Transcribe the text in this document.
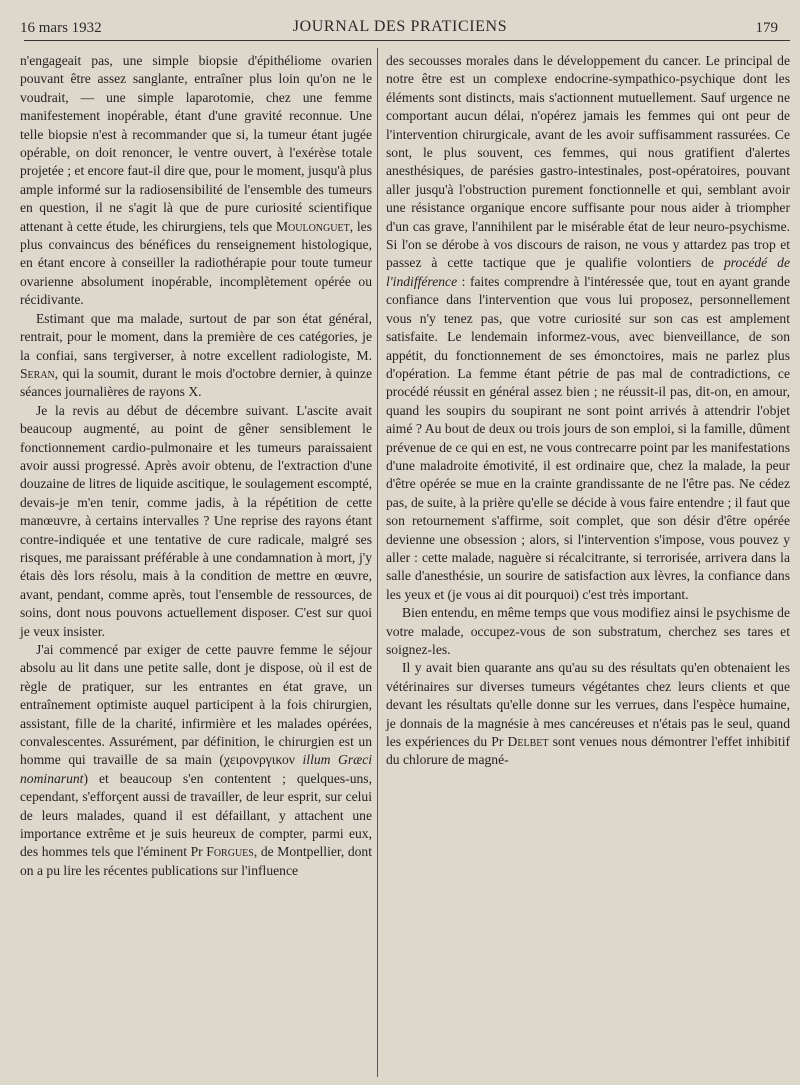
16 mars 1932	JOURNAL DES PRATICIENS	179

n'engageait pas, une simple biopsie d'épithéliome ovarien pouvant être assez sanglante, entraîner plus loin qu'on ne le voudrait, — une simple laparotomie, chez une femme manifestement inopérable, étant d'une gravité reconnue. Une telle biopsie n'est à recommander que si, la tumeur étant jugée opérable, on doit renoncer, le ventre ouvert, à l'exérèse totale projetée ; et encore faut-il dire que, pour le moment, jusqu'à plus ample informé sur la radiosensibilité de l'ensemble des tumeurs en question, il ne s'agit là que de pure curiosité scientifique attenant à cette étude, les chirurgiens, tels que Moulonguet, les plus convaincus des bénéfices du renseignement histologique, en étant encore à conseiller la radiothérapie pour toute tumeur ovarienne absolument inopérable, incomplètement opérée ou récidivante.

Estimant que ma malade, surtout de par son état général, rentrait, pour le moment, dans la première de ces catégories, je la confiai, sans tergiverser, à notre excellent radiologiste, M. Seran, qui la soumit, durant le mois d'octobre dernier, à quinze séances journalières de rayons X.

Je la revis au début de décembre suivant. L'ascite avait beaucoup augmenté, au point de gêner sensiblement le fonctionnement cardio-pulmonaire et les tumeurs paraissaient avoir aussi progressé. Après avoir obtenu, de l'extraction d'une douzaine de litres de liquide ascitique, le soulagement escompté, devais-je m'en tenir, comme jadis, à la répétition de cette manœuvre, à certains intervalles ? Une reprise des rayons étant contre-indiquée et une tentative de cure radicale, malgré ses risques, me paraissant préférable à une condamnation à mort, j'y étais dès lors résolu, mais à la condition de mettre en œuvre, avant, pendant, comme après, tout l'ensemble de ressources, de soins, dont nous pouvons actuellement disposer. C'est sur quoi je veux insister.

J'ai commencé par exiger de cette pauvre femme le séjour absolu au lit dans une petite salle, dont je dispose, où il est de règle de pratiquer, sur les entrantes en état grave, un entraînement optimiste auquel participent à la fois chirurgien, assistant, fille de la charité, infirmière et les malades opérées, convalescentes. Assurément, par définition, le chirurgien est un homme qui travaille de sa main (χειρονργικον illum Græci nominarunt) et beaucoup s'en contentent ; quelques-uns, cependant, s'efforçent aussi de travailler, de leur esprit, sur celui de leurs malades, quand il est défaillant, y attachent une importance extrême et je suis heureux de compter, parmi eux, des hommes tels que l'éminent Pr Forgues, de Montpellier, dont on a pu lire les récentes publications sur l'influence

des secousses morales dans le développement du cancer. Le principal de notre être est un complexe endocrine-sympathico-psychique dont les éléments sont distincts, mais s'actionnent mutuellement. Sauf urgence ne comportant aucun délai, n'opérez jamais les femmes qui ont peur de l'intervention chirurgicale, avant de les avoir suffisamment rassurées. Ce sont, le plus souvent, ces femmes, qui nous gratifient d'alertes anesthésiques, de parésies gastro-intestinales, post-opératoires, pouvant aller jusqu'à l'obstruction purement fonctionnelle et qui, semblant avoir une résistance organique encore suffisante pour nous aider à triompher d'un cas grave, l'annihilent par le misérable état de leur neuro-psychisme. Si l'on se dérobe à vos discours de raison, ne vous y attardez pas trop et passez à cette tactique que je qualifie volontiers de procédé de l'indifférence : faites comprendre à l'intéressée que, tout en ayant grande confiance dans l'intervention que vous lui proposez, personnellement vous n'y tenez pas, que votre curiosité sur son cas est amplement satisfaite. Le lendemain informez-vous, avec bienveillance, de son appétit, du fonctionnement de ses émonctoires, mais ne parlez plus d'opération. La femme étant pétrie de pas mal de contradictions, ce procédé réussit en général assez bien ; ne réussit-il pas, dit-on, en amour, quand les soupirs du soupirant ne sont point arrivés à attendrir l'objet aimé ? Au bout de deux ou trois jours de son emploi, si la famille, dûment prévenue de ce qui en est, ne vous contrecarre point par les manifestations d'une maladroite émotivité, il est ordinaire que, chez la malade, la peur d'être opérée se mue en la crainte grandissante de ne l'être pas. Ne cédez pas, de suite, à la prière qu'elle se décide à vous faire entendre ; il faut que son retournement s'affirme, soit complet, que son désir d'être opérée devienne une obsession ; alors, si l'intervention s'impose, vous pouvez y aller : cette malade, naguère si récalcitrante, si terrorisée, arrivera dans la salle d'anesthésie, un sourire de satisfaction aux lèvres, la confiance dans les yeux et (je vous ai dit pourquoi) c'est très important.

Bien entendu, en même temps que vous modifiez ainsi le psychisme de votre malade, occupez-vous de son substratum, cherchez ses tares et soignez-les.

Il y avait bien quarante ans qu'au su des résultats qu'en obtenaient les vétérinaires sur diverses tumeurs végétantes chez leurs clients et que devant les résultats qu'elle donne sur les verrues, dans l'espèce humaine, je donnais de la magnésie à mes cancéreuses et n'étais pas le seul, quand les expériences du Pr Delbet sont venues nous démontrer l'effet inhibitif du chlorure de magné-
